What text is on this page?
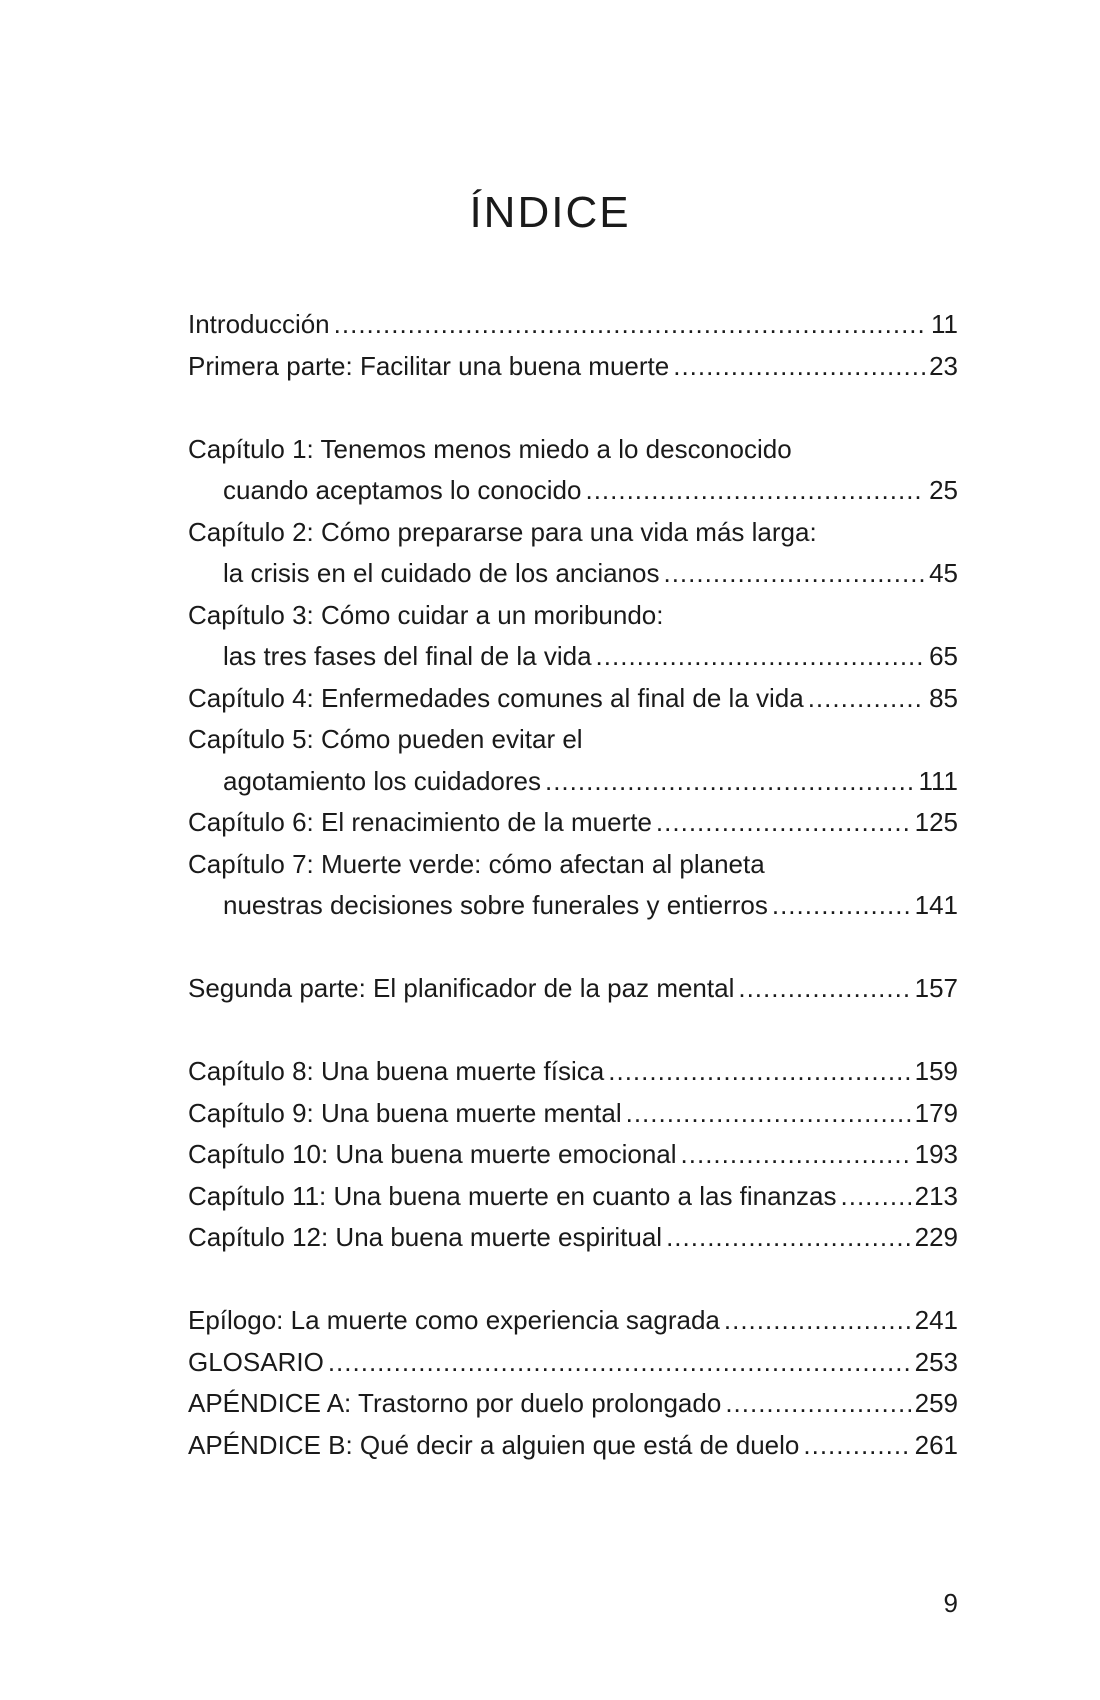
ÍNDICE
Introducción .....	11
Primera parte: Facilitar una buena muerte .....	23
Capítulo 1: Tenemos menos miedo a lo desconocido
cuando aceptamos lo conocido .....	25
Capítulo 2: Cómo prepararse para una vida más larga:
la crisis en el cuidado de los ancianos .....	45
Capítulo 3: Cómo cuidar a un moribundo:
las tres fases del final de la vida .....	65
Capítulo 4: Enfermedades comunes al final de la vida .....	85
Capítulo 5: Cómo pueden evitar el
agotamiento los cuidadores .....	111
Capítulo 6: El renacimiento de la muerte .....	125
Capítulo 7: Muerte verde: cómo afectan al planeta
nuestras decisiones sobre funerales y entierros .....	141
Segunda parte: El planificador de la paz mental .....	157
Capítulo 8: Una buena muerte física .....	159
Capítulo 9: Una buena muerte mental .....	179
Capítulo 10: Una buena muerte emocional .....	193
Capítulo 11: Una buena muerte en cuanto a las finanzas .....	213
Capítulo 12: Una buena muerte espiritual .....	229
Epílogo: La muerte como experiencia sagrada .....	241
GLOSARIO .....	253
APÉNDICE A: Trastorno por duelo prolongado .....	259
APÉNDICE B: Qué decir a alguien que está de duelo .....	261
9
